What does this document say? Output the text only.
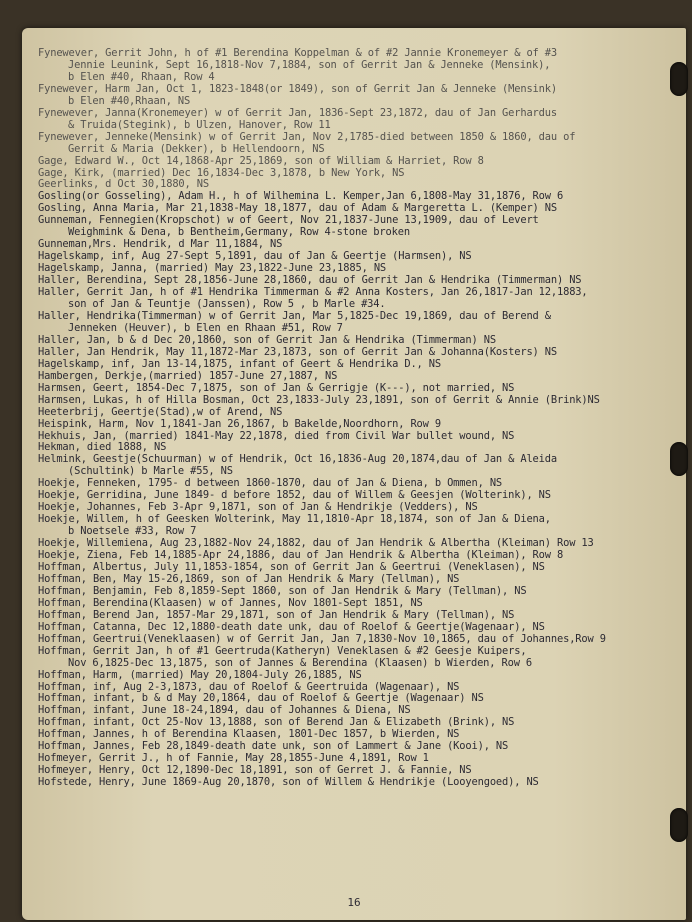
Fynewever, Gerrit John, h of #1 Berendina Koppelman & of #2 Jannie Kronemeyer & of #3
Jennie Leunink, Sept 16,1818-Nov 7,1884, son of Gerrit Jan & Jenneke (Mensink),
b Elen #40, Rhaan, Row 4
Fynewever, Harm Jan, Oct 1, 1823-1848(or 1849), son of Gerrit Jan & Jenneke (Mensink)
b Elen #40,Rhaan, NS
Fynewever, Janna(Kronemeyer) w of Gerrit Jan, 1836-Sept 23,1872, dau of Jan Gerhardus
& Truida(Stegink), b Ulzen, Hanover, Row 11
Fynewever, Jenneke(Mensink) w of Gerrit Jan, Nov 2,1785-died between 1850 & 1860, dau of
Gerrit & Maria (Dekker), b Hellendoorn, NS
Gage, Edward W., Oct 14,1868-Apr 25,1869, son of William & Harriet, Row 8
Gage, Kirk, (married) Dec 16,1834-Dec 3,1878, b New York, NS
Geerlinks, d Oct 30,1880, NS
Gosling(or Gosseling), Adam H., h of Wilhemina L. Kemper,Jan 6,1808-May 31,1876, Row 6
Gosling, Anna Maria, Mar 21,1838-May 18,1877, dau of Adam & Margeretta L. (Kemper) NS
Gunneman, Fennegien(Kropschot) w of Geert, Nov 21,1837-June 13,1909, dau of Levert
Weighmink & Dena, b Bentheim,Germany, Row 4-stone broken
Gunneman,Mrs. Hendrik, d Mar 11,1884, NS
Hagelskamp, inf, Aug 27-Sept 5,1891, dau of Jan & Geertje (Harmsen), NS
Hagelskamp, Janna, (married) May 23,1822-June 23,1885, NS
Haller, Berendina, Sept 28,1856-June 28,1860, dau of Gerrit Jan & Hendrika (Timmerman) NS
Haller, Gerrit Jan, h of #1 Hendrika Timmerman & #2 Anna Kosters, Jan 26,1817-Jan 12,1883,
son of Jan & Teuntje (Janssen), Row 5 , b Marle #34.
Haller, Hendrika(Timmerman) w of Gerrit Jan, Mar 5,1825-Dec 19,1869, dau of Berend &
Jenneken (Heuver), b Elen en Rhaan #51, Row 7
Haller, Jan, b & d Dec 20,1860, son of Gerrit Jan & Hendrika (Timmerman) NS
Haller, Jan Hendrik, May 11,1872-Mar 23,1873, son of Gerrit Jan & Johanna(Kosters) NS
Hagelskamp, inf, Jan 13-14,1875, infant of Geert & Hendrika D., NS
Hambergen, Derkje,(married) 1857-June 27,1887, NS
Harmsen, Geert, 1854-Dec 7,1875, son of Jan & Gerrigje (K---), not married, NS
Harmsen, Lukas, h of Hilla Bosman, Oct 23,1833-July 23,1891, son of Gerrit & Annie (Brink)NS
Heeterbrij, Geertje(Stad),w of Arend, NS
Heispink, Harm, Nov 1,1841-Jan 26,1867, b Bakelde,Noordhorn, Row 9
Hekhuis, Jan, (married) 1841-May 22,1878, died from Civil War bullet wound, NS
Hekman, died 1888, NS
Helmink, Geestje(Schuurman) w of Hendrik, Oct 16,1836-Aug 20,1874,dau of Jan & Aleida
(Schultink) b Marle #55, NS
Hoekje, Fenneken, 1795- d between 1860-1870, dau of Jan & Diena, b Ommen, NS
Hoekje, Gerridina, June 1849- d before 1852, dau of Willem & Geesjen (Wolterink), NS
Hoekje, Johannes, Feb 3-Apr 9,1871, son of Jan & Hendrikje (Vedders), NS
Hoekje, Willem, h of Geesken Wolterink, May 11,1810-Apr 18,1874, son of Jan & Diena,
b Noetsele #33, Row 7
Hoekje, Willemiena, Aug 23,1882-Nov 24,1882, dau of Jan Hendrik & Albertha (Kleiman) Row 13
Hoekje, Ziena, Feb 14,1885-Apr 24,1886, dau of Jan Hendrik & Albertha (Kleiman), Row 8
Hoffman, Albertus, July 11,1853-1854, son of Gerrit Jan & Geertrui (Veneklasen), NS
Hoffman, Ben, May 15-26,1869, son of Jan Hendrik & Mary (Tellman), NS
Hoffman, Benjamin, Feb 8,1859-Sept 1860, son of Jan Hendrik & Mary (Tellman), NS
Hoffman, Berendina(Klaasen) w of Jannes, Nov 1801-Sept 1851, NS
Hoffman, Berend Jan, 1857-Mar 29,1871, son of Jan Hendrik & Mary (Tellman), NS
Hoffman, Catanna, Dec 12,1880-death date unk, dau of Roelof & Geertje(Wagenaar), NS
Hoffman, Geertrui(Veneklaasen) w of Gerrit Jan, Jan 7,1830-Nov 10,1865, dau of Johannes,Row 9
Hoffman, Gerrit Jan, h of #1 Geertruda(Katheryn) Veneklasen & #2 Geesje Kuipers,
Nov 6,1825-Dec 13,1875, son of Jannes & Berendina (Klaasen) b Wierden, Row 6
Hoffman, Harm, (married) May 20,1804-July 26,1885, NS
Hoffman, inf, Aug 2-3,1873, dau of Roelof & Geertruida (Wagenaar), NS
Hoffman, infant, b & d May 20,1864, dau of Roelof & Geertje (Wagenaar) NS
Hoffman, infant, June 18-24,1894, dau of Johannes & Diena, NS
Hoffman, infant, Oct 25-Nov 13,1888, son of Berend Jan & Elizabeth (Brink), NS
Hoffman, Jannes, h of Berendina Klaasen, 1801-Dec 1857, b Wierden, NS
Hoffman, Jannes, Feb 28,1849-death date unk, son of Lammert & Jane (Kooi), NS
Hofmeyer, Gerrit J., h of Fannie, May 28,1855-June 4,1891, Row 1
Hofmeyer, Henry, Oct 12,1890-Dec 18,1891, son of Gerret J. & Fannie, NS
Hofstede, Henry, June 1869-Aug 20,1870, son of Willem & Hendrikje (Looyengoed), NS
16
